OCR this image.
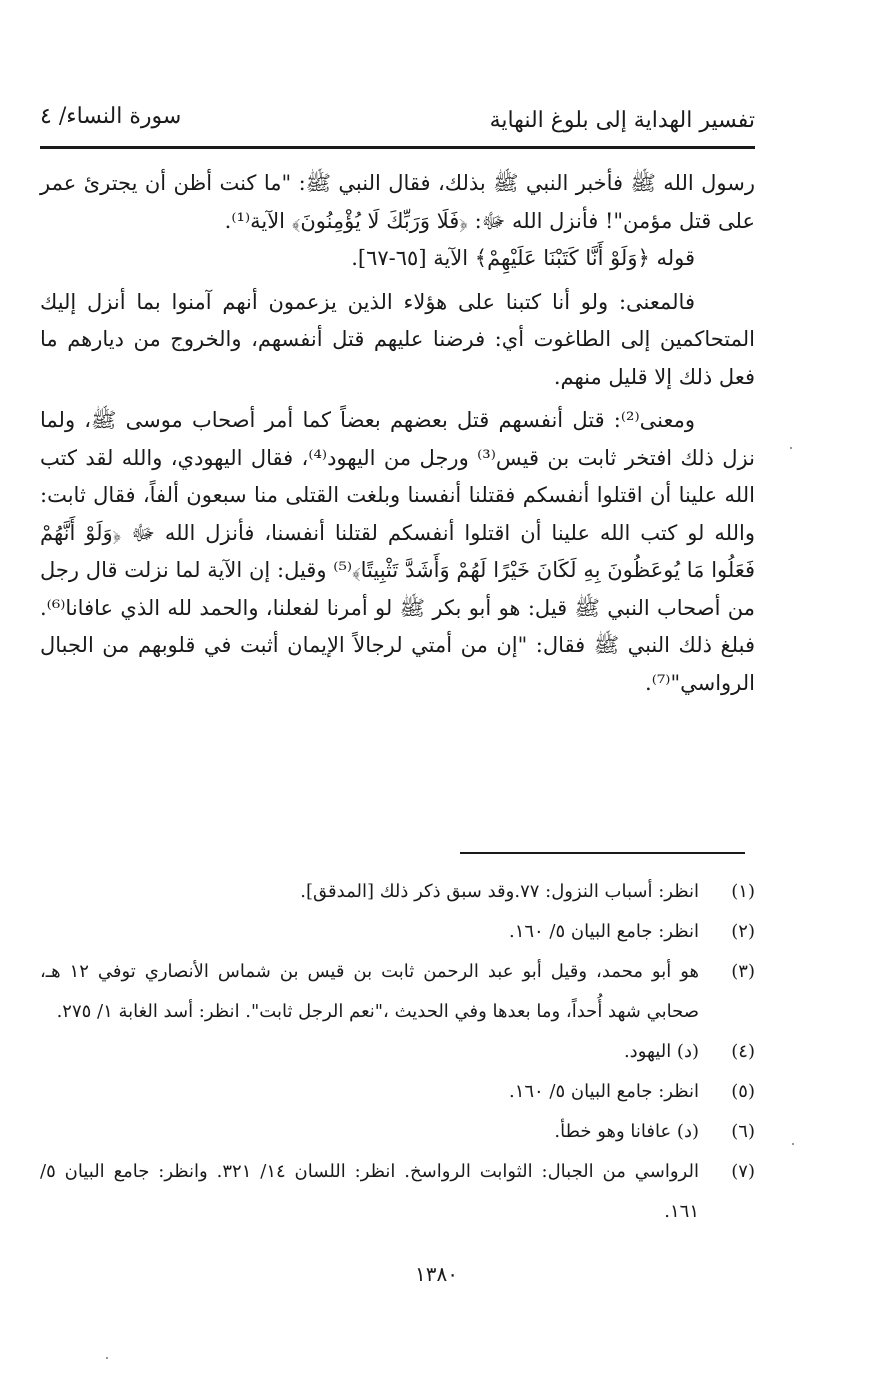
تفسير الهداية إلى بلوغ النهاية
سورة النساء/ ٤

رسول الله ﷺ فأخبر النبي ﷺ بذلك، فقال النبي ﷺ: "ما كنت أظن أن يجترئ عمر على قتل مؤمن"! فأنزل الله ﷻ: ﴿فَلَا وَرَبِّكَ لَا يُؤْمِنُونَ﴾ الآية⁽¹⁾.

قوله ﴿وَلَوْ أَنَّا كَتَبْنَا عَلَيْهِمْ﴾ الآية [٦٥-٦٧].

فالمعنى: ولو أنا كتبنا على هؤلاء الذين يزعمون أنهم آمنوا بما أنزل إليك المتحاكمين إلى الطاغوت أي: فرضنا عليهم قتل أنفسهم، والخروج من ديارهم ما فعل ذلك إلا قليل منهم.

ومعنى⁽²⁾: قتل أنفسهم قتل بعضهم بعضاً كما أمر أصحاب موسى ﷺ، ولما نزل ذلك افتخر ثابت بن قيس⁽³⁾ ورجل من اليهود⁽⁴⁾، فقال اليهودي، والله لقد كتب الله علينا أن اقتلوا أنفسكم فقتلنا أنفسنا وبلغت القتلى منا سبعون ألفاً، فقال ثابت: والله لو كتب الله علينا أن اقتلوا أنفسكم لقتلنا أنفسنا، فأنزل الله ﷻ ﴿وَلَوْ أَنَّهُمْ فَعَلُوا مَا يُوعَظُونَ بِهِ لَكَانَ خَيْرًا لَهُمْ وَأَشَدَّ تَثْبِيتًا﴾⁽⁵⁾ وقيل: إن الآية لما نزلت قال رجل من أصحاب النبي ﷺ قيل: هو أبو بكر ﷺ لو أمرنا لفعلنا، والحمد لله الذي عافانا⁽⁶⁾. فبلغ ذلك النبي ﷺ فقال: "إن من أمتي لرجالاً الإيمان أثبت في قلوبهم من الجبال الرواسي"⁽⁷⁾.

(١)
انظر: أسباب النزول: ٧٧.وقد سبق ذكر ذلك [المدقق].
(٢)
انظر: جامع البيان ٥/ ١٦٠.
(٣)
هو أبو محمد، وقيل أبو عبد الرحمن ثابت بن قيس بن شماس الأنصاري توفي ١٢ هـ، صحابي شهد أُحداً، وما بعدها وفي الحديث ،"نعم الرجل ثابت". انظر: أسد الغابة ١/ ٢٧٥.
(٤)
(د) اليهود.
(٥)
انظر: جامع البيان ٥/ ١٦٠.
(٦)
(د) عافانا وهو خطأ.
(٧)
الرواسي من الجبال: الثوابت الرواسخ. انظر: اللسان ١٤/ ٣٢١. وانظر: جامع البيان ٥/ ١٦١.
١٣٨٠
